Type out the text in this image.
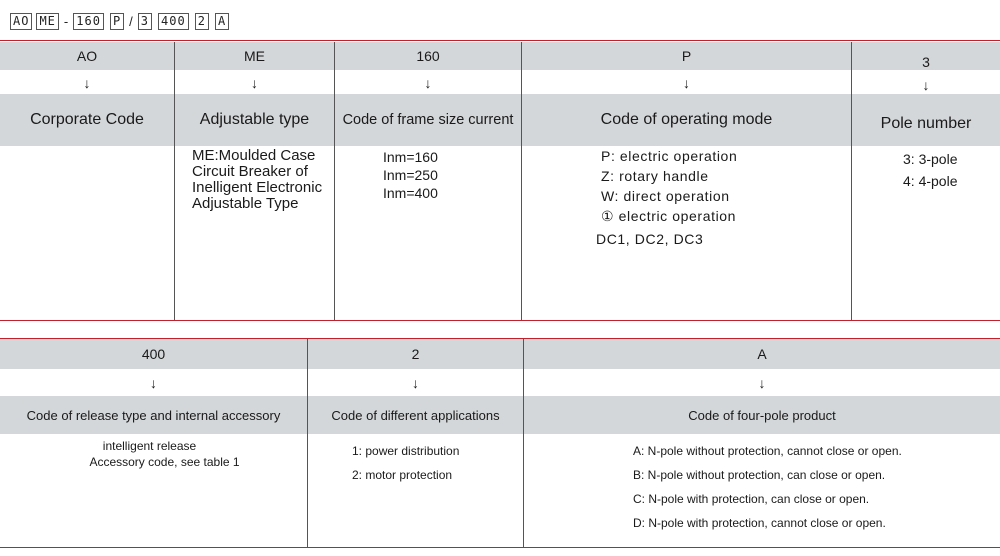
AO ME - 160 P / 3 400 2 A
AO
↓
Corporate Code
ME
↓
Adjustable type
ME:Moulded Case
Circuit Breaker of
Inelligent Electronic
Adjustable Type
160
↓
Code of frame size current
Inm=160
Inm=250
Inm=400
P
↓
Code of operating mode
P: electric operation
Z: rotary handle
W: direct operation
① electric operation
DC1, DC2, DC3
3
↓
Pole number
3: 3-pole
4: 4-pole
400
↓
Code of release type and internal accessory
intelligent release
Accessory code, see table 1
2
↓
Code of different applications
1: power distribution
2: motor protection
A
↓
Code of four-pole product
A: N-pole without protection, cannot close or open.
B: N-pole without protection, can close or open.
C: N-pole with protection, can close or open.
D: N-pole with protection, cannot close or open.
